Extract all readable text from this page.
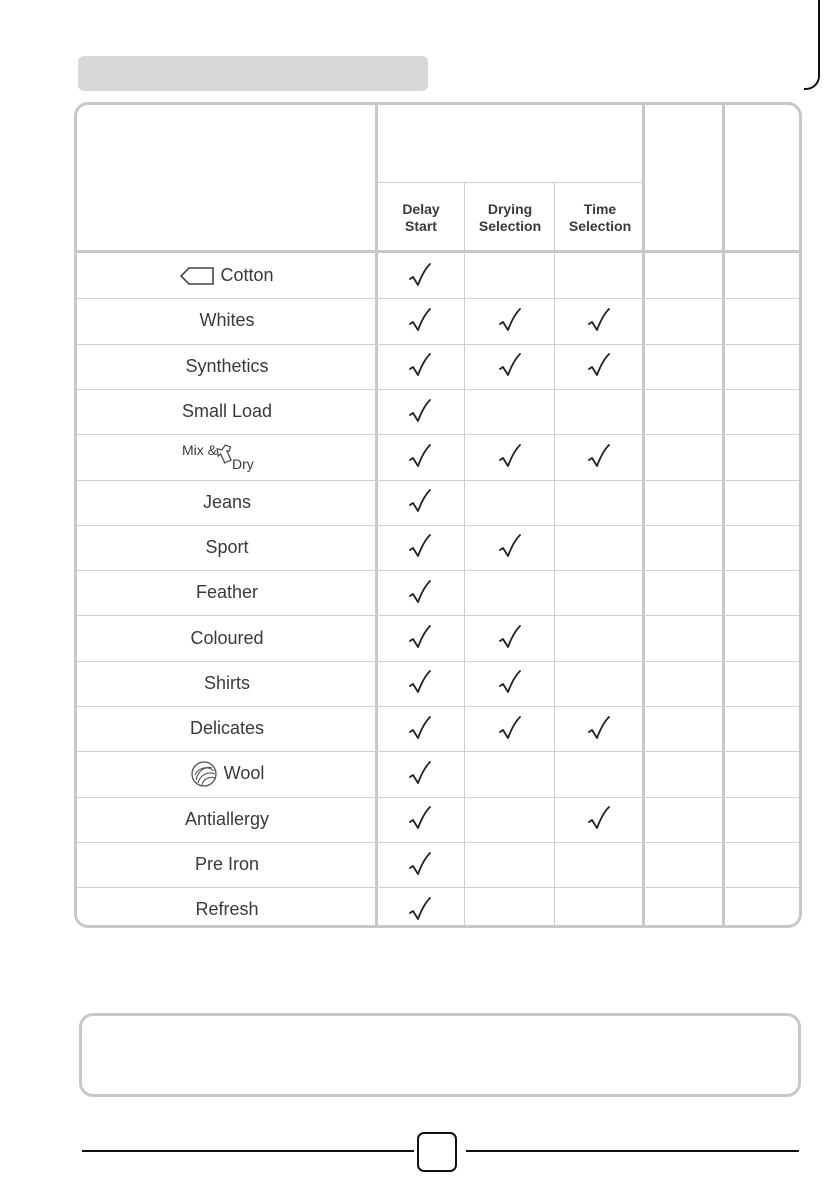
Delay
Start
Drying
Selection
Time
Selection
Cotton
Whites
Synthetics
Small Load
Mix &
Dry
Jeans
Sport
Feather
Coloured
Shirts
Delicates
Wool
Antiallergy
Pre Iron
Refresh
